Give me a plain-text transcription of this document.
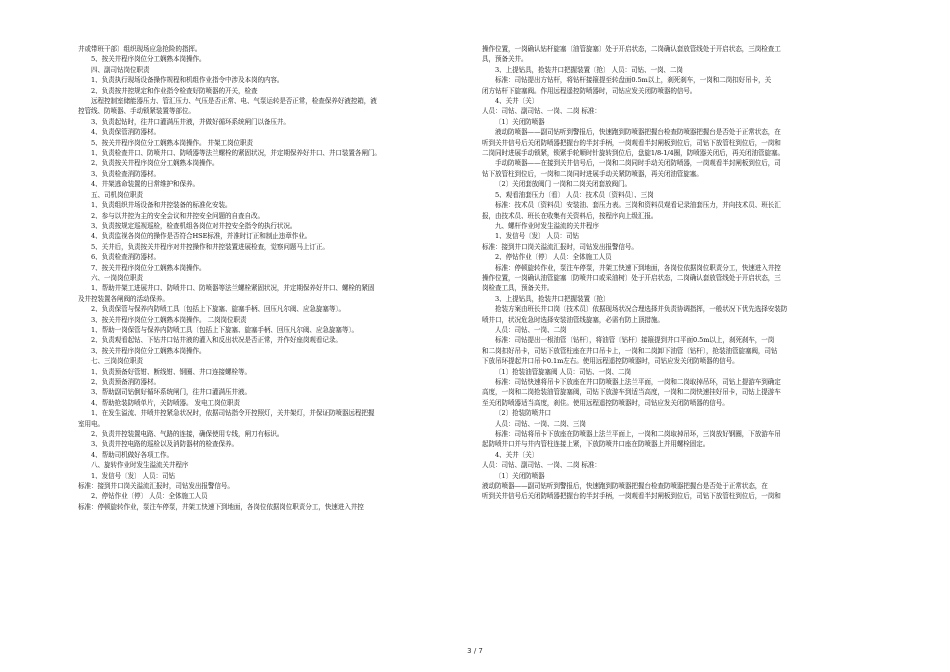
井或带班干部〕组织现场应急抢险的指挥。
5、按关井程序岗位分工娴熟本岗操作。
四、副司钻岗位职责
1、负责执行现场设备操作规程和机组作业指令中涉及本岗的内容。
2、负责按井控规定和作业指令检查好防喷器的开关，检查
远程控制室储能器压力、管汇压力、气压是否正常、电、气泵运转是否正常，检查保养好液控箱，液
控管线、防喷器、手动锁紧装置等部位。
3、负责起钻时，往井口灌满压井液，并做好循环系统闸门以备压井。
4、负责保管消防器材。
5、按关井程序岗位分工娴熟本岗操作。 井架工岗位职责
1、负责检查井口、防喷井口、防喷器等法兰螺栓的紧固状况，并定期保养好井口、井口装置各闸门。
2、负责按关井程序岗位分工娴熟本岗操作。
3、负责检查消防器材。
4、井架逃命装置的日常维护和保养。
五、司机岗位职责
1、负责组织井场设备和井控装备的标准化安装。
2、参与以井控为主的安全会议和井控安全问题的自查自改。
3、负责按规定巡视巡检，检查机组各岗位对井控安全指令的执行状况。
4、负责监视各岗位的操作是否符合HSE标准，并准时订正和制止违章作业。
5、关井后，负责按关井程序对井控操作和井控装置进展检查，觉察问题马上订正。
6、负责检查消防器材。
7、按关井程序岗位分工娴熟本岗操作。
六、一岗岗位职责
1、帮助井架工进展井口、防喷井口、防喷器等法兰螺栓紧固状况，并定期保养好井口、螺栓的紧固
及井控装置各闸阀的活动保养。
2、负责保管与保养内防喷工具〔包括上下旋塞、旋塞手柄、回压凡尔阀、应急旋塞等〕。
3、按关井程序岗位分工娴熟本岗操作。 二岗岗位职责
1、帮助一岗保管与保养内防喷工具〔包括上下旋塞、旋塞手柄、回压凡尔阀、应急旋塞等〕。
2、负责观看起钻、下钻井口钻井液的灌入和反出状况是否正常，并作好座岗观看记录。
3、按关井程序岗位分工娴熟本岗操作。
七、三岗岗位职责
1、负责预备好管钳、断线钳、钢圈、井口连接螺栓等。
2、负责预备消防器材。
3、帮助副司钻倒好循环系统闸门，往井口灌满压井液。
4、帮助抢装防喷单片，关防喷器。 发电工岗位职责
1、在发生溢流、井喷井控紧急状况时，依据司钻指令开控照灯，关井架灯，并保证防喷器远程把握
室用电。
2、负责井控装置电路、气路的连接，确保使用专线，闸刀有标识。
3、负责井控电路的巡检以及消防器材的检查保养。
4、帮助司机做好各项工作。
八、旋转作业时发生溢流关井程序
1、发信号〔发〕 人员：司钻
标准：接到井口岗关溢流汇报时，司钻发出报警信号。
2、停钻作业〔停〕 人员：全体施工人员
标准：停顿旋转作业，泵注车停泵，井架工快速下到地面，各岗位依据岗位职责分工，快速进入井控
操作位置，一岗确认钻杆旋塞〔油管旋塞〕处于开启状态，二岗确认套放管线处于开启状态，三岗检查工
具，预备关井。
3、上提钻具，抢装井口把握装置〔抢〕 人员：司钻、一岗、二岗
标准：司钻提出方钻杆，将钻杆接箍提至转盘面0.5m以上，刹死刹车，一岗和二岗扣好吊卡，关
闭方钻杆下旋塞阀。作用远程遥控防喷器时，司钻应发关闭防喷器的信号。
4、关井〔关〕
人员：司钻、副司钻、一岗、二岗 标准：
〔1〕关闭防喷器
液动防喷器——副司钻听到警报后，快速跑到防喷器把握台检查防喷器把握台是否处于正常状态，在
听到关井信号后关闭防喷器把握台的半封手柄，一岗观看半封闸板到位后，司钻下放管柱到位后，一岗和
二岗同时进展手动锁紧，锁紧手轮顺时针旋转到位后，盘旋1/8-1/4圈，防喷器关闭后，再关闭油管旋塞。
手动防喷器——在接到关井信号后，一岗和二岗同时手动关闭防喷器，一岗观看半封闸板到位后，司
钻下放管柱到位后，一岗和二岗同时进展手动关紧防喷器，再关闭油管旋塞。
〔2〕关闭套放阀门 一岗和二岗关闭套放阀门。
5、观看油套压力〔看〕 人员：技术员〔资料员〕、三岗
标准：技术员〔资料员〕安装油、套压力表。三岗和资料员观看记录油套压力，并向技术员、班长汇
报，由技术员、班长在收集有关资料后，按程序向上级汇报。
九、螺杆作业时发生溢流的关井程序
1、发信号〔发〕 人员：司钻
标准：接到井口岗关溢流汇报时，司钻发出报警信号。
2、停钻作业〔停〕 人员：全体施工人员
标准：停顿旋转作业，泵注车停泵，井架工快速下到地面，各岗位依据岗位职责分工，快速进入井控
操作位置，一岗确认油管旋塞〔防喷井口或采油树〕处于开启状态，二岗确认套放管线处于开启状态，三
岗检查工具，预备关井。
3、上提钻具，抢装井口把握装置〔抢〕
抢装方案由班长井口岗〔技术员〕依据现场状况合理选择并负责协调指挥，一般状况下优先选择安装防
喷井口，状况危急时选择安装油管线旋塞，必需有防上顶措施。
人员：司钻、一岗、二岗
标准：司钻提出一根油管〔钻杆〕，将油管〔钻杆〕接箍提到井口平面0.5m以上，刹死刹车，一岗
和二岗扣好吊卡，司钻下放管柱座在井口吊卡上，一岗和二岗卸下油管〔钻杆〕，抢装油管旋塞阀，司钻
下放吊环提起井口吊卡0.1m左右。使用远程遥控防喷器时，司钻应发关闭防喷器的信号。
〔1〕抢装油管旋塞阀 人员：司钻、一岗、二岗
标准：司钻快速将吊卡下放座在井口防喷器上法兰平面，一岗和二岗取掉吊环，司钻上提游车到确定
高度，一岗和二岗抢装油管旋塞阀，司钻下放游车到适当高度，一岗和二岗快速挂好吊卡，司钻上提游车
至关闭防喷器适当高度，刹住。使用远程遥控防喷器时，司钻应发关闭防喷器的信号。
〔2〕抢装防喷井口
人员：司钻、一岗、二岗、三岗
标准：司钻将吊卡下放座在防喷器上法兰平面上，一岗和二岗取掉吊环，三岗放好钢圈，下放游车吊
起防喷井口并与井内管柱连接上紧，下放防喷井口座在防喷器上并用螺栓固定。
4、关井〔关〕
人员：司钻、副司钻、一岗、二岗 标准：
〔1〕关闭防喷器
液动防喷器——副司钻听到警报后，快速跑到防喷器把握台检查防喷器把握台是否处于正常状态，在
听到关井信号后关闭防喷器把握台的半封手柄，一岗观看半封闸板到位后，司钻下放管柱到位后，一岗和
3 / 7
